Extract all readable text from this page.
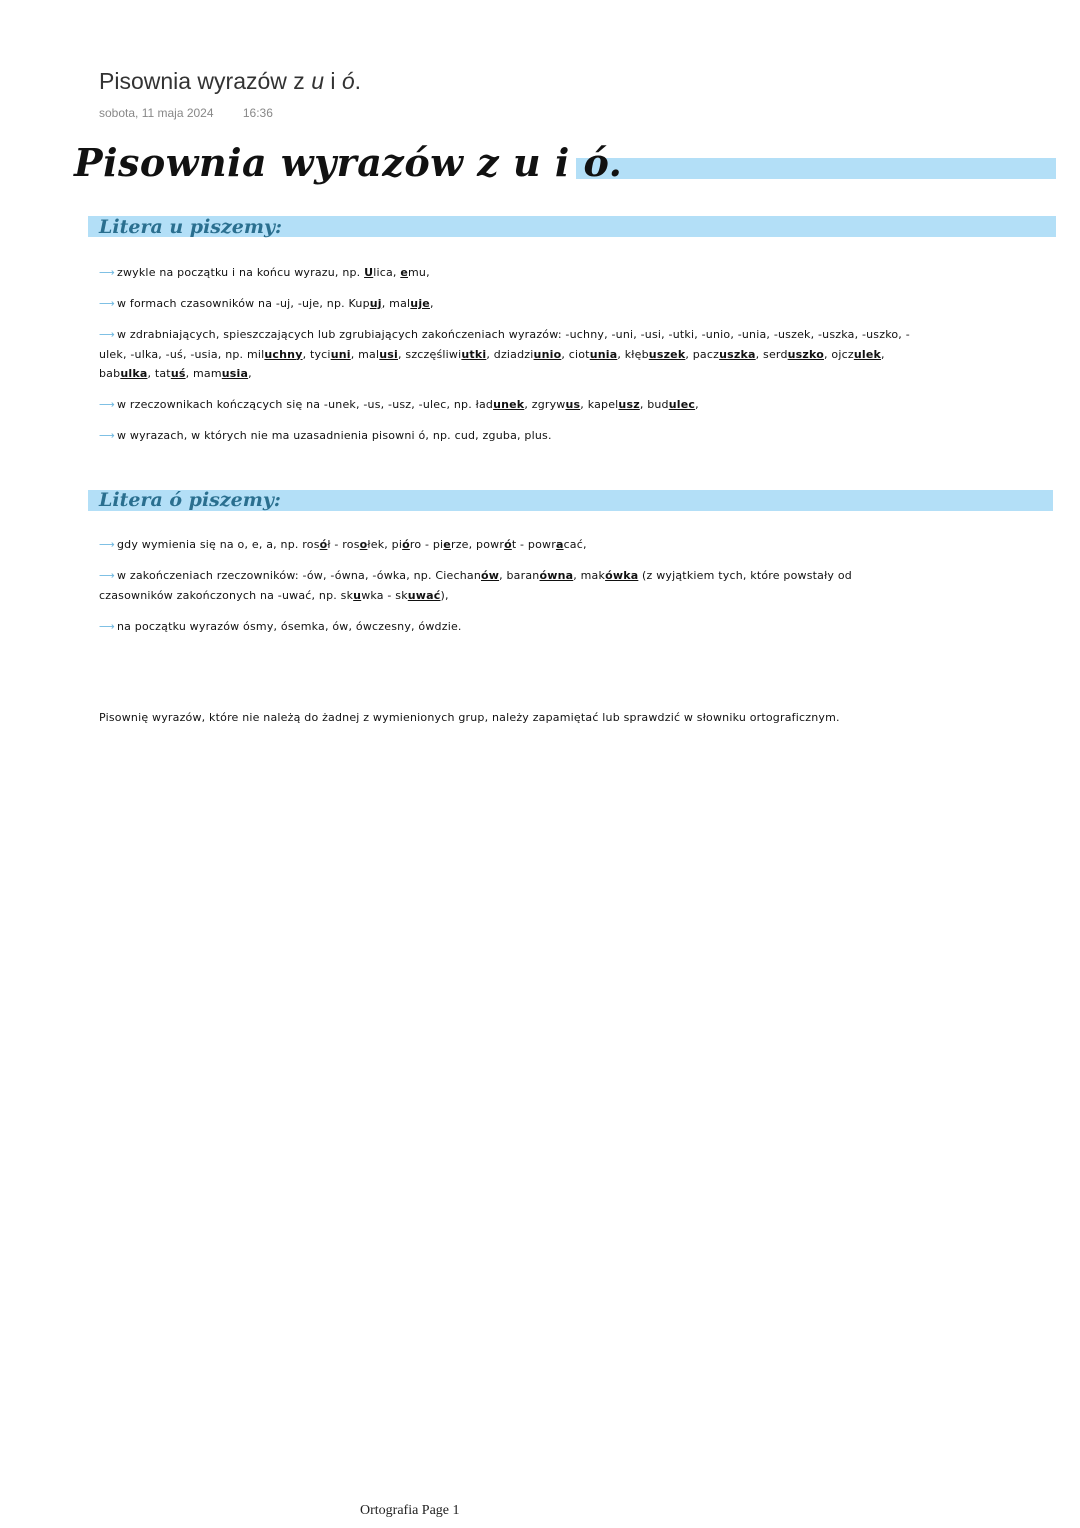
Pisownia wyrazów z u i ó.
sobota, 11 maja 2024 16:36
Pisownia wyrazów z u i ó.
Litera u piszemy:
⟶ zwykle na początku i na końcu wyrazu, np. Ulica, emu,
⟶ w formach czasowników na -uj, -uje, np. Kupuj, maluje,
⟶ w zdrabniających, spieszczających lub zgrubiających zakończeniach wyrazów: -uchny, -uni, -usi, -utki, -unio, -unia, -uszek, -uszka, -uszko, -ulek, -ulka, -uś, -usia, np. miluchny, tyciuni, malusi, szczęśliwiutki, dziadziunio, ciotunia, kłębuszek, paczuszka, serduszko, ojczulek, babulka, tatuś, mamusia,
⟶ w rzeczownikach kończących się na -unek, -us, -usz, -ulec, np. ładunek, zgrywus, kapelusz, budulec,
⟶ w wyrazach, w których nie ma uzasadnienia pisowni ó, np. cud, zguba, plus.
Litera ó piszemy:
⟶ gdy wymienia się na o, e, a, np. rosół - rosołek, pióro - pierze, powrót - powracać,
⟶ w zakończeniach rzeczowników: -ów, -ówna, -ówka, np. Ciechanów, baranówna, makówka (z wyjątkiem tych, które powstały od czasowników zakończonych na -uwać, np. skuwka - skuwać),
⟶ na początku wyrazów ósmy, ósemka, ów, ówczesny, ówdzie.
Pisownię wyrazów, które nie należą do żadnej z wymienionych grup, należy zapamiętać lub sprawdzić w słowniku ortograficznym.
Ortografia Page 1
